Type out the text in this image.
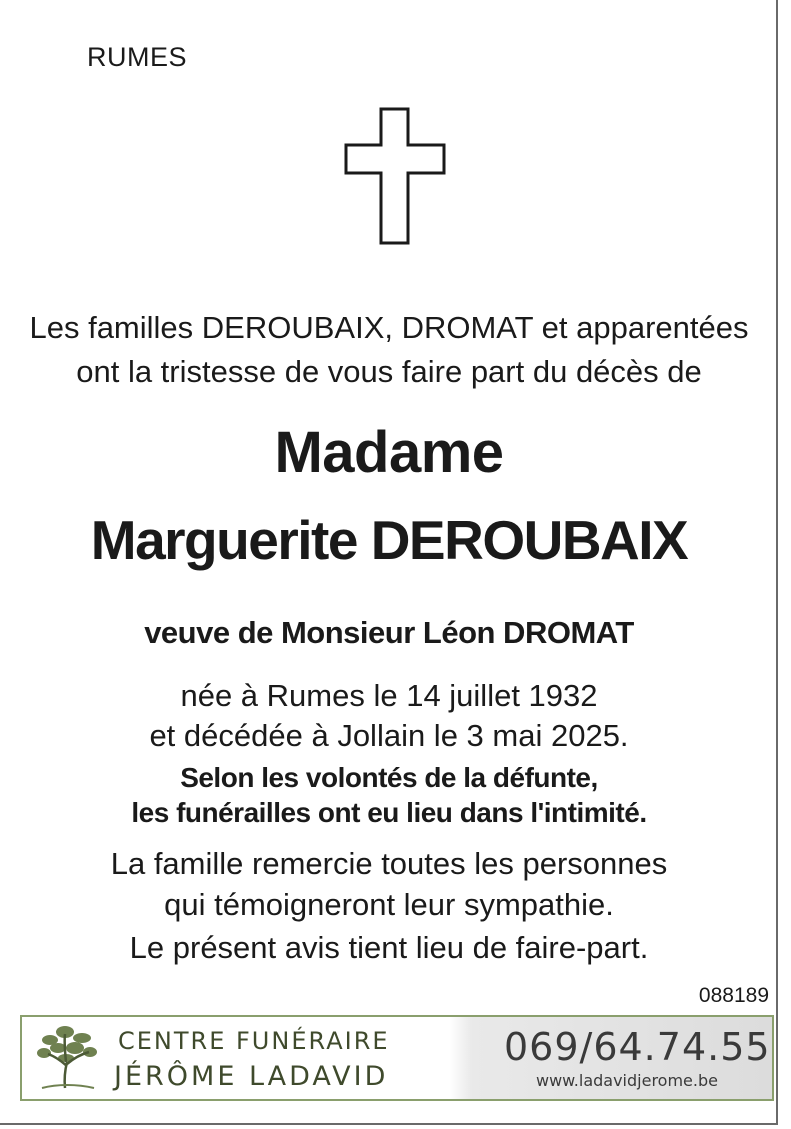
RUMES
Les familles DEROUBAIX, DROMAT et apparentées
ont la tristesse de vous faire part du décès de
Madame
Marguerite DEROUBAIX
veuve de Monsieur Léon DROMAT
née à Rumes le 14 juillet 1932
et décédée à Jollain le 3 mai 2025.
Selon les volontés de la défunte,
les funérailles ont eu lieu dans l'intimité.
La famille remercie toutes les personnes
qui témoigneront leur sympathie.
Le présent avis tient lieu de faire-part.
088189
CENTRE FUNÉRAIRE
JÉRÔME LADAVID
069/64.74.55
www.ladavidjerome.be
